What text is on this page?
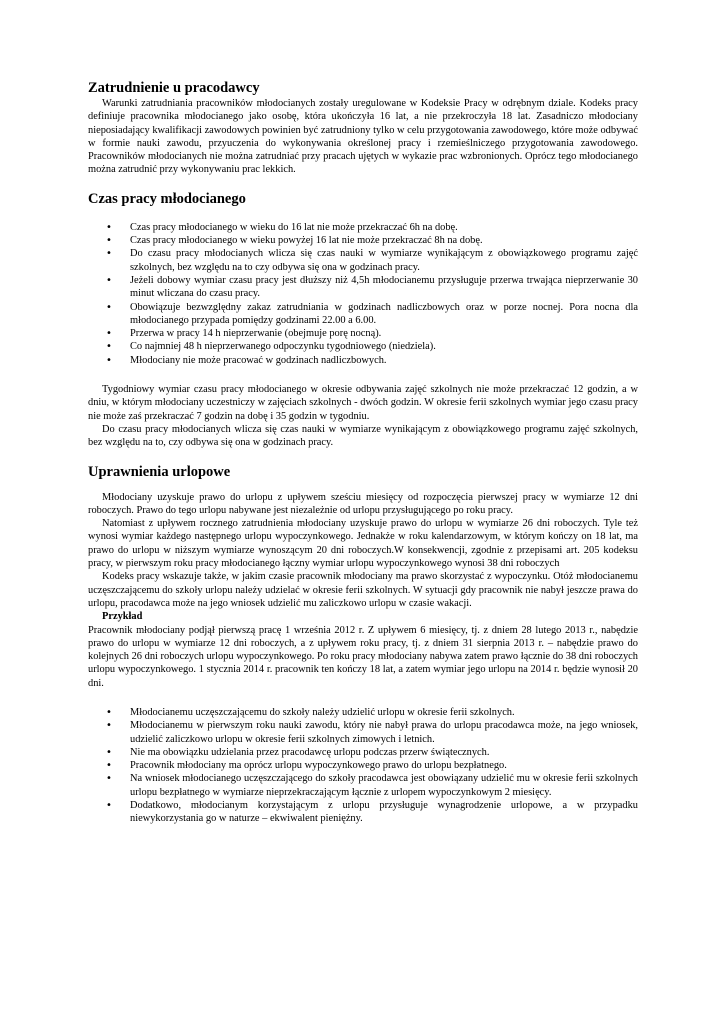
Zatrudnienie u pracodawcy

Warunki zatrudniania pracowników młodocianych zostały uregulowane w Kodeksie Pracy w odrębnym dziale. Kodeks pracy definiuje pracownika młodocianego jako osobę, która ukończyła 16 lat, a nie przekroczyła 18 lat. Zasadniczo młodociany nieposiadający kwalifikacji zawodowych powinien być zatrudniony tylko w celu przygotowania zawodowego, które może odbywać w formie nauki zawodu, przyuczenia do wykonywania określonej pracy i rzemieślniczego przygotowania zawodowego. Pracowników młodocianych nie można zatrudniać przy pracach ujętych w wykazie prac wzbronionych. Oprócz tego młodocianego można zatrudnić przy wykonywaniu prac lekkich.

Czas pracy młodocianego
• Czas pracy młodocianego w wieku do 16 lat nie może przekraczać 6h na dobę.
• Czas pracy młodocianego w wieku powyżej 16 lat nie może przekraczać 8h na dobę.
• Do czasu pracy młodocianych wlicza się czas nauki w wymiarze wynikającym z obowiązkowego programu zajęć szkolnych, bez względu na to czy odbywa się ona w godzinach pracy.
• Jeżeli dobowy wymiar czasu pracy jest dłuższy niż 4,5h młodocianemu przysługuje przerwa trwająca nieprzerwanie 30 minut wliczana do czasu pracy.
• Obowiązuje bezwzględny zakaz zatrudniania w godzinach nadliczbowych oraz w porze nocnej. Pora nocna dla młodocianego przypada pomiędzy godzinami 22.00 a 6.00.
• Przerwa w pracy 14 h nieprzerwanie (obejmuje porę nocną).
• Co najmniej 48 h nieprzerwanego odpoczynku tygodniowego (niedziela).
• Młodociany nie może pracować w godzinach nadliczbowych.

Tygodniowy wymiar czasu pracy młodocianego w okresie odbywania zajęć szkolnych nie może przekraczać 12 godzin, a w dniu, w którym młodociany uczestniczy w zajęciach szkolnych - dwóch godzin. W okresie ferii szkolnych wymiar jego czasu pracy nie może zaś przekraczać 7 godzin na dobę i 35 godzin w tygodniu.

Do czasu pracy młodocianych wlicza się czas nauki w wymiarze wynikającym z obowiązkowego programu zajęć szkolnych, bez względu na to, czy odbywa się ona w godzinach pracy.

Uprawnienia urlopowe

Młodociany uzyskuje prawo do urlopu z upływem sześciu miesięcy od rozpoczęcia pierwszej pracy w wymiarze 12 dni roboczych. Prawo do tego urlopu nabywane jest niezależnie od urlopu przysługującego po roku pracy.

Natomiast z upływem rocznego zatrudnienia młodociany uzyskuje prawo do urlopu w wymiarze 26 dni roboczych. Tyle też wynosi wymiar każdego następnego urlopu wypoczynkowego. Jednakże w roku kalendarzowym, w którym kończy on 18 lat, ma prawo do urlopu w niższym wymiarze wynoszącym 20 dni roboczych.W konsekwencji, zgodnie z przepisami art. 205 kodeksu pracy, w pierwszym roku pracy młodocianego łączny wymiar urlopu wypoczynkowego wynosi 38 dni roboczych

Kodeks pracy wskazuje także, w jakim czasie pracownik młodociany ma prawo skorzystać z wypoczynku. Otóż młodocianemu uczęszczającemu do szkoły urlopu należy udzielać w okresie ferii szkolnych. W sytuacji gdy pracownik nie nabył jeszcze prawa do urlopu, pracodawca może na jego wniosek udzielić mu zaliczkowo urlopu w czasie wakacji.

Przykład

Pracownik młodociany podjął pierwszą pracę 1 września 2012 r. Z upływem 6 miesięcy, tj. z dniem 28 lutego 2013 r., nabędzie prawo do urlopu w wymiarze 12 dni roboczych, a z upływem roku pracy, tj. z dniem 31 sierpnia 2013 r. – nabędzie prawo do kolejnych 26 dni roboczych urlopu wypoczynkowego. Po roku pracy młodociany nabywa zatem prawo łącznie do 38 dni roboczych urlopu wypoczynkowego. 1 stycznia 2014 r. pracownik ten kończy 18 lat, a zatem wymiar jego urlopu na 2014 r. będzie wynosił 20 dni.

• Młodocianemu uczęszczającemu do szkoły należy udzielić urlopu w okresie ferii szkolnych.
• Młodocianemu w pierwszym roku nauki zawodu, który nie nabył prawa do urlopu pracodawca może, na jego wniosek, udzielić zaliczkowo urlopu w okresie ferii szkolnych zimowych i letnich.
• Nie ma obowiązku udzielania przez pracodawcę urlopu podczas przerw świątecznych.
• Pracownik młodociany ma oprócz urlopu wypoczynkowego prawo do urlopu bezpłatnego.
• Na wniosek młodocianego uczęszczającego do szkoły pracodawca jest obowiązany udzielić mu w okresie ferii szkolnych urlopu bezpłatnego w wymiarze nieprzekraczającym łącznie z urlopem wypoczynkowym 2 miesięcy.
• Dodatkowo, młodocianym korzystającym z urlopu przysługuje wynagrodzenie urlopowe, a w przypadku niewykorzystania go w naturze – ekwiwalent pieniężny.
